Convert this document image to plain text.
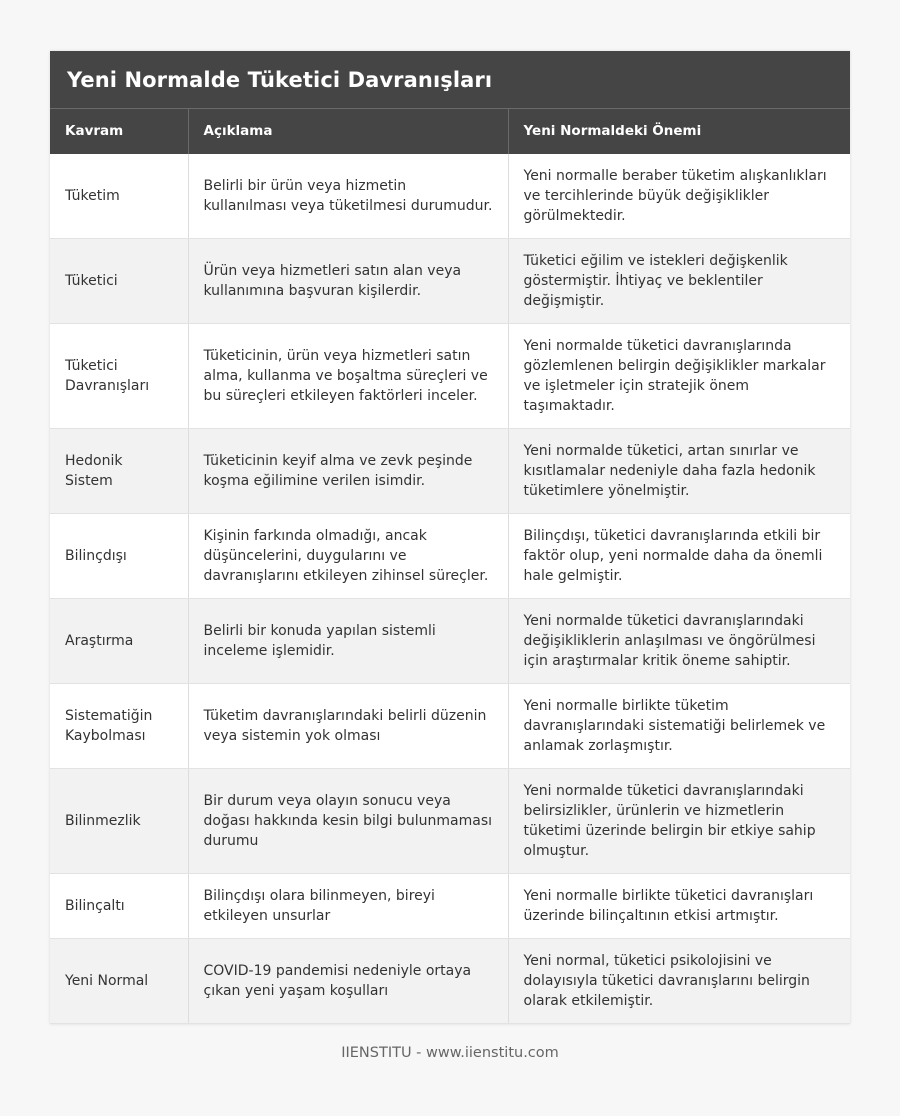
Yeni Normalde Tüketici Davranışları
Kavram	Açıklama	Yeni Normaldeki Önemi
Tüketim	Belirli bir ürün veya hizmetin kullanılması veya tüketilmesi durumudur.	Yeni normalle beraber tüketim alışkanlıkları ve tercihlerinde büyük değişiklikler görülmektedir.
Tüketici	Ürün veya hizmetleri satın alan veya kullanımına başvuran kişilerdir.	Tüketici eğilim ve istekleri değişkenlik göstermiştir. İhtiyaç ve beklentiler değişmiştir.
Tüketici Davranışları	Tüketicinin, ürün veya hizmetleri satın alma, kullanma ve boşaltma süreçleri ve bu süreçleri etkileyen faktörleri inceler.	Yeni normalde tüketici davranışlarında gözlemlenen belirgin değişiklikler markalar ve işletmeler için stratejik önem taşımaktadır.
Hedonik Sistem	Tüketicinin keyif alma ve zevk peşinde koşma eğilimine verilen isimdir.	Yeni normalde tüketici, artan sınırlar ve kısıtlamalar nedeniyle daha fazla hedonik tüketimlere yönelmiştir.
Bilinçdışı	Kişinin farkında olmadığı, ancak düşüncelerini, duygularını ve davranışlarını etkileyen zihinsel süreçler.	Bilinçdışı, tüketici davranışlarında etkili bir faktör olup, yeni normalde daha da önemli hale gelmiştir.
Araştırma	Belirli bir konuda yapılan sistemli inceleme işlemidir.	Yeni normalde tüketici davranışlarındaki değişikliklerin anlaşılması ve öngörülmesi için araştırmalar kritik öneme sahiptir.
Sistematiğin Kaybolması	Tüketim davranışlarındaki belirli düzenin veya sistemin yok olması	Yeni normalle birlikte tüketim davranışlarındaki sistematiği belirlemek ve anlamak zorlaşmıştır.
Bilinmezlik	Bir durum veya olayın sonucu veya doğası hakkında kesin bilgi bulunmaması durumu	Yeni normalde tüketici davranışlarındaki belirsizlikler, ürünlerin ve hizmetlerin tüketimi üzerinde belirgin bir etkiye sahip olmuştur.
Bilinçaltı	Bilinçdışı olara bilinmeyen, bireyi etkileyen unsurlar	Yeni normalle birlikte tüketici davranışları üzerinde bilinçaltının etkisi artmıştır.
Yeni Normal	COVID-19 pandemisi nedeniyle ortaya çıkan yeni yaşam koşulları	Yeni normal, tüketici psikolojisini ve dolayısıyla tüketici davranışlarını belirgin olarak etkilemiştir.
IIENSTITU - www.iienstitu.com
